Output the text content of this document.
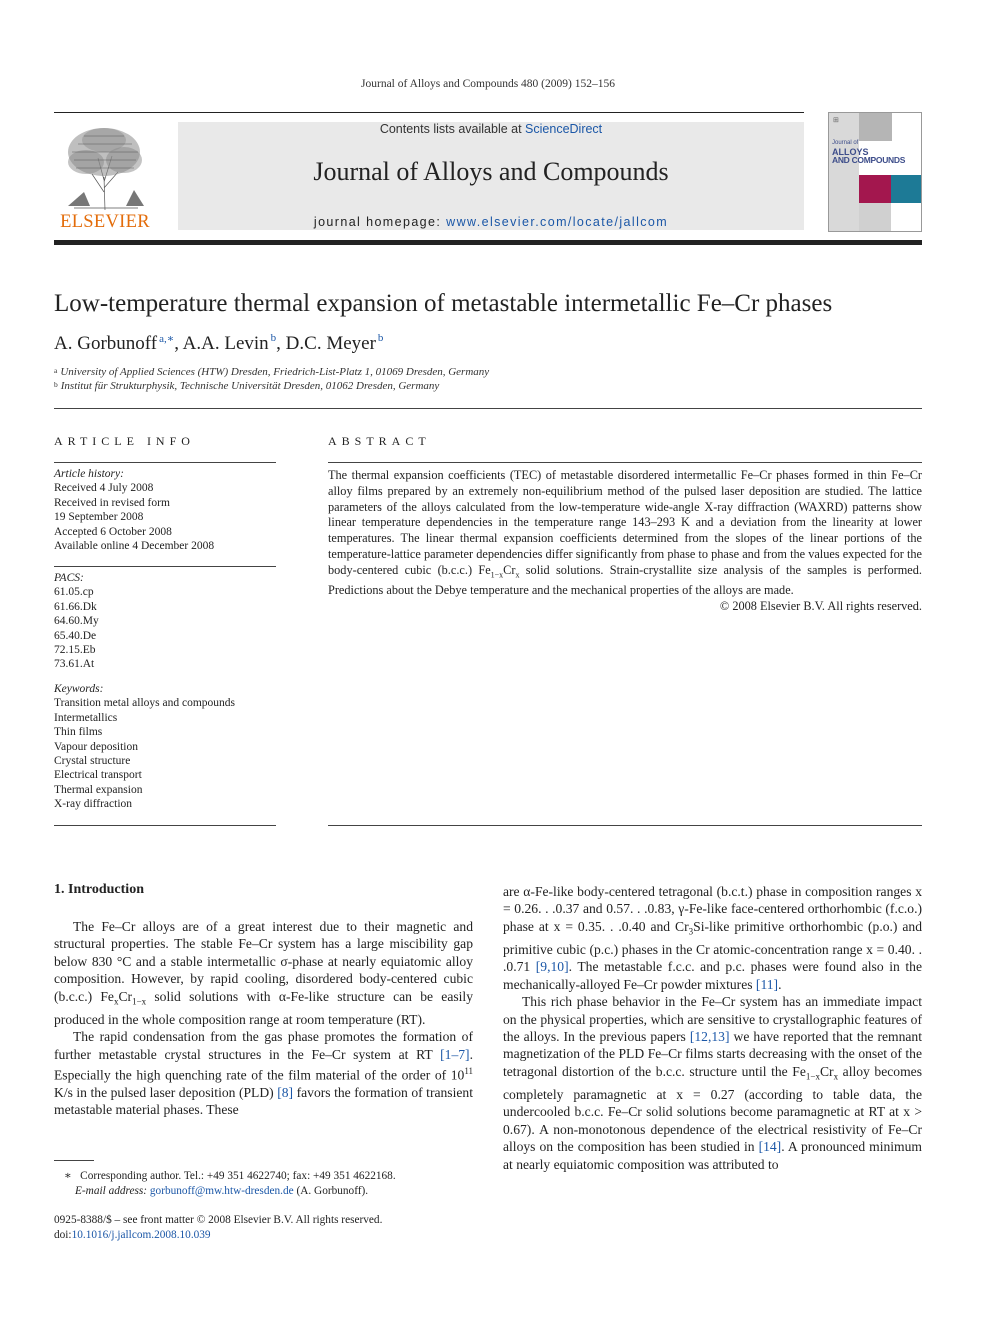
Journal of Alloys and Compounds 480 (2009) 152–156
ELSEVIER
Contents lists available at ScienceDirect
Journal of Alloys and Compounds
journal homepage: www.elsevier.com/locate/jallcom
⊞
Journal of
ALLOYS
AND COMPOUNDS
Low-temperature thermal expansion of metastable intermetallic Fe–Cr phases
A. Gorbunoff $^{a,∗}$, A.A. Levin $^b$, D.C. Meyer $^b$
$^a$ University of Applied Sciences (HTW) Dresden, Friedrich-List-Platz 1, 01069 Dresden, Germany
$^b$ Institut für Strukturphysik, Technische Universität Dresden, 01062 Dresden, Germany
ARTICLE INFO
Article history:
Received 4 July 2008
Received in revised form
19 September 2008
Accepted 6 October 2008
Available online 4 December 2008
PACS:
61.05.cp
61.66.Dk
64.60.My
65.40.De
72.15.Eb
73.61.At
Keywords:
Transition metal alloys and compounds
Intermetallics
Thin films
Vapour deposition
Crystal structure
Electrical transport
Thermal expansion
X-ray diffraction
ABSTRACT
The thermal expansion coefficients (TEC) of metastable disordered intermetallic Fe–Cr phases formed in thin Fe–Cr alloy films prepared by an extremely non-equilibrium method of the pulsed laser deposition are studied. The lattice parameters of the alloys calculated from the low-temperature wide-angle X-ray diffraction (WAXRD) patterns show linear temperature dependencies in the temperature range 143–293 K and a deviation from the linearity at lower temperatures. The linear thermal expansion coefficients determined from the slopes of the linear portions of the temperature-lattice parameter dependencies differ significantly from phase to phase and from the values expected for the body-centered cubic (b.c.c.) $Fe_{1-x}Cr_x$ solid solutions. Strain-crystallite size analysis of the samples is performed. Predictions about the Debye temperature and the mechanical properties of the alloys are made.
© 2008 Elsevier B.V. All rights reserved.
1. Introduction

The Fe–Cr alloys are of a great interest due to their magnetic and structural properties. The stable Fe–Cr system has a large miscibility gap below 830 °C and a stable intermetallic σ-phase at nearly equiatomic alloy composition. However, by rapid cooling, disordered body-centered cubic (b.c.c.) $Fe_xCr_{1-x}$ solid solutions with α-Fe-like structure can be easily produced in the whole composition range at room temperature (RT).

The rapid condensation from the gas phase promotes the formation of further metastable crystal structures in the Fe–Cr system at RT [1–7]. Especially the high quenching rate of the film material of the order of $10^{11}$ K/s in the pulsed laser deposition (PLD) [8] favors the formation of transient metastable material phases. These

are α-Fe-like body-centered tetragonal (b.c.t.) phase in composition ranges x = 0.26. . .0.37 and 0.57. . .0.83, γ-Fe-like face-centered orthorhombic (f.c.o.) phase at x = 0.35. . .0.40 and $Cr_3Si$-like primitive orthorhombic (p.o.) and primitive cubic (p.c.) phases in the Cr atomic-concentration range x = 0.40. . .0.71 [9,10]. The metastable f.c.c. and p.c. phases were found also in the mechanically-alloyed Fe–Cr powder mixtures [11].

This rich phase behavior in the Fe–Cr system has an immediate impact on the physical properties, which are sensitive to crystallographic features of the alloys. In the previous papers [12,13] we have reported that the remnant magnetization of the PLD Fe–Cr films starts decreasing with the onset of the tetragonal distortion of the b.c.c. structure until the $Fe_{1-x}Cr_x$ alloy becomes completely paramagnetic at x = 0.27 (according to table data, the undercooled b.c.c. Fe–Cr solid solutions become paramagnetic at RT at x > 0.67). A non-monotonous dependence of the electrical resistivity of Fe–Cr alloys on the composition has been studied in [14]. A pronounced minimum at nearly equiatomic composition was attributed to

∗ Corresponding author. Tel.: +49 351 4622740; fax: +49 351 4622168.
E-mail address: gorbunoff@mw.htw-dresden.de (A. Gorbunoff).
0925-8388/$ – see front matter © 2008 Elsevier B.V. All rights reserved.
doi:10.1016/j.jallcom.2008.10.039
